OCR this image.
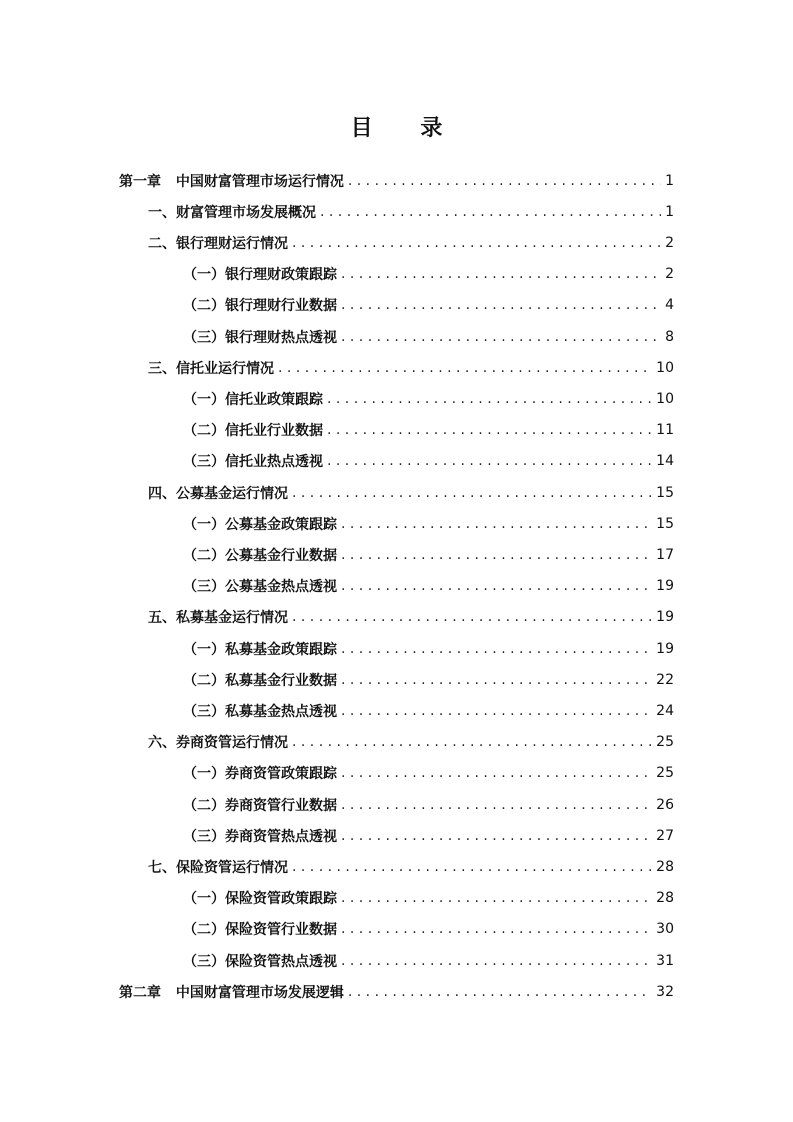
目 录
第一章 中国财富管理市场运行情况 . . .	1
一、财富管理市场发展概况 . . .	1
二、银行理财运行情况 . . .	2
（一）银行理财政策跟踪 . . .	2
（二）银行理财行业数据 . . .	4
（三）银行理财热点透视 . . .	8
三、信托业运行情况 . . .	10
（一）信托业政策跟踪 . . .	10
（二）信托业行业数据 . . .	11
（三）信托业热点透视 . . .	14
四、公募基金运行情况 . . .	15
（一）公募基金政策跟踪 . . .	15
（二）公募基金行业数据 . . .	17
（三）公募基金热点透视 . . .	19
五、私募基金运行情况 . . .	19
（一）私募基金政策跟踪 . . .	19
（二）私募基金行业数据 . . .	22
（三）私募基金热点透视 . . .	24
六、券商资管运行情况 . . .	25
（一）券商资管政策跟踪 . . .	25
（二）券商资管行业数据 . . .	26
（三）券商资管热点透视 . . .	27
七、保险资管运行情况 . . .	28
（一）保险资管政策跟踪 . . .	28
（二）保险资管行业数据 . . .	30
（三）保险资管热点透视 . . .	31
第二章 中国财富管理市场发展逻辑 . . .	32
